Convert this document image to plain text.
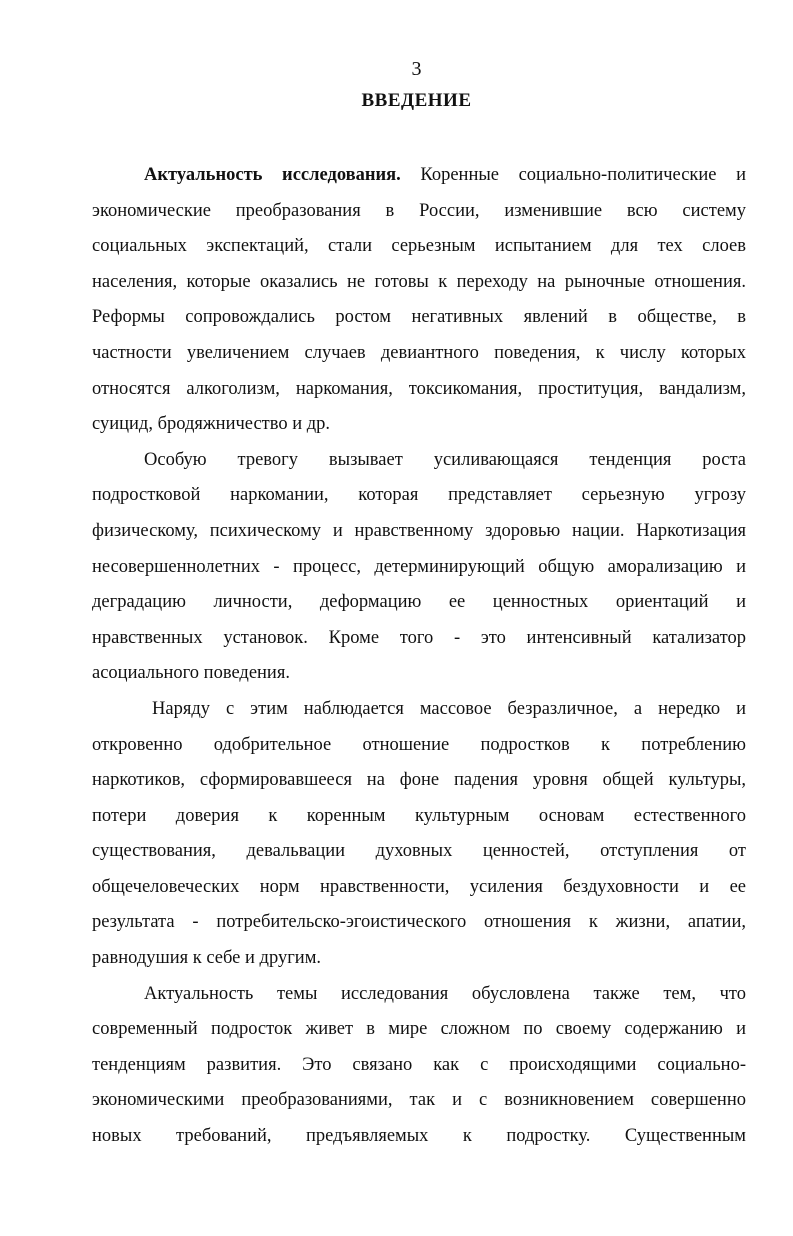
3
ВВЕДЕНИЕ
Актуальность исследования. Коренные социально-политические и
экономические преобразования в России, изменившие всю систему
социальных экспектаций, стали серьезным испытанием для тех слоев
населения, которые оказались не готовы к переходу на рыночные отношения.
Реформы сопровождались ростом негативных явлений в обществе, в
частности увеличением случаев девиантного поведения, к числу которых
относятся алкоголизм, наркомания, токсикомания, проституция, вандализм,
суицид, бродяжничество и др.
Особую тревогу вызывает усиливающаяся тенденция роста
подростковой наркомании, которая представляет серьезную угрозу
физическому, психическому и нравственному здоровью нации. Наркотизация
несовершеннолетних - процесс, детерминирующий общую аморализацию и
деградацию личности, деформацию ее ценностных ориентаций и
нравственных установок. Кроме того - это интенсивный катализатор
асоциального поведения.
Наряду с этим наблюдается массовое безразличное, а нередко и
откровенно одобрительное отношение подростков к потреблению
наркотиков, сформировавшееся на фоне падения уровня общей культуры,
потери доверия к коренным культурным основам естественного
существования, девальвации духовных ценностей, отступления от
общечеловеческих норм нравственности, усиления бездуховности и ее
результата - потребительско-эгоистического отношения к жизни, апатии,
равнодушия к себе и другим.
Актуальность темы исследования обусловлена также тем, что
современный подросток живет в мире сложном по своему содержанию и
тенденциям развития. Это связано как с происходящими социально-
экономическими преобразованиями, так и с возникновением совершенно
новых требований, предъявляемых к подростку. Существенным
